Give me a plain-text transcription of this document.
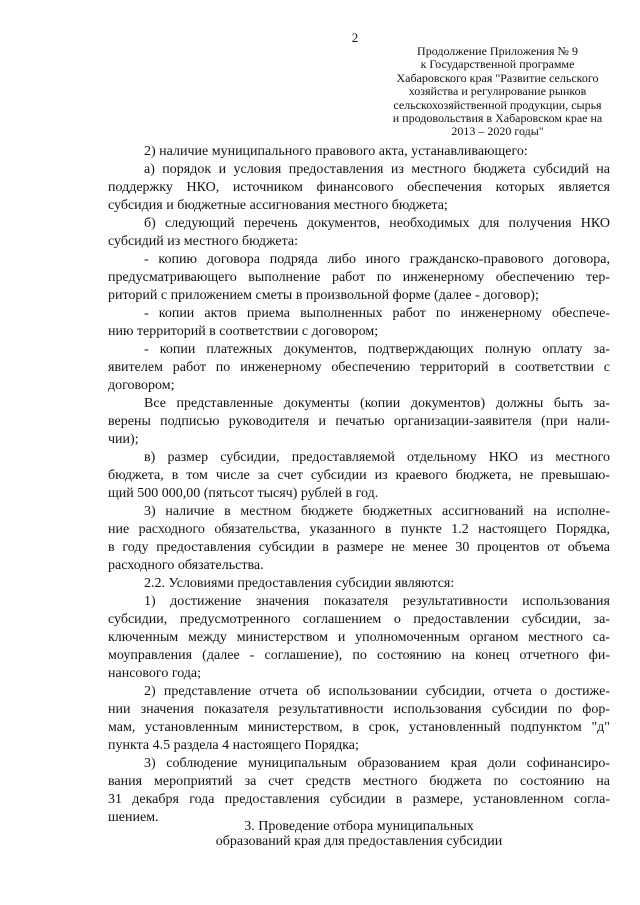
2
Продолжение Приложения № 9
к Государственной программе
Хабаровского края "Развитие сельского
хозяйства и регулирование рынков
сельскохозяйственной продукции, сырья
и продовольствия в Хабаровском крае на
2013 – 2020 годы"
2) наличие муниципального правового акта, устанавливающего:
а) порядок и условия предоставления из местного бюджета субсидий на
поддержку НКО, источником финансового обеспечения которых является
субсидия и бюджетные ассигнования местного бюджета;
б) следующий перечень документов, необходимых для получения НКО
субсидий из местного бюджета:
- копию договора подряда либо иного гражданско-правового договора,
предусматривающего выполнение работ по инженерному обеспечению тер-
риторий с приложением сметы в произвольной форме (далее - договор);
- копии актов приема выполненных работ по инженерному обеспече-
нию территорий в соответствии с договором;
- копии платежных документов, подтверждающих полную оплату за-
явителем работ по инженерному обеспечению территорий в соответствии с
договором;
Все представленные документы (копии документов) должны быть за-
верены подписью руководителя и печатью организации-заявителя (при нали-
чии);
в) размер субсидии, предоставляемой отдельному НКО из местного
бюджета, в том числе за счет субсидии из краевого бюджета, не превышаю-
щий 500 000,00 (пятьсот тысяч) рублей в год.
3) наличие в местном бюджете бюджетных ассигнований на исполне-
ние расходного обязательства, указанного в пункте 1.2 настоящего Порядка,
в году предоставления субсидии в размере не менее 30 процентов от объема
расходного обязательства.
2.2. Условиями предоставления субсидии являются:
1) достижение значения показателя результативности использования
субсидии, предусмотренного соглашением о предоставлении субсидии, за-
ключенным между министерством и уполномоченным органом местного са-
моуправления (далее - соглашение), по состоянию на конец отчетного фи-
нансового года;
2) представление отчета об использовании субсидии, отчета о достиже-
нии значения показателя результативности использования субсидии по фор-
мам, установленным министерством, в срок, установленный подпунктом "д"
пункта 4.5 раздела 4 настоящего Порядка;
3) соблюдение муниципальным образованием края доли софинансиро-
вания мероприятий за счет средств местного бюджета по состоянию на
31 декабря года предоставления субсидии в размере, установленном согла-
шением.
3. Проведение отбора муниципальных
образований края для предоставления субсидии
